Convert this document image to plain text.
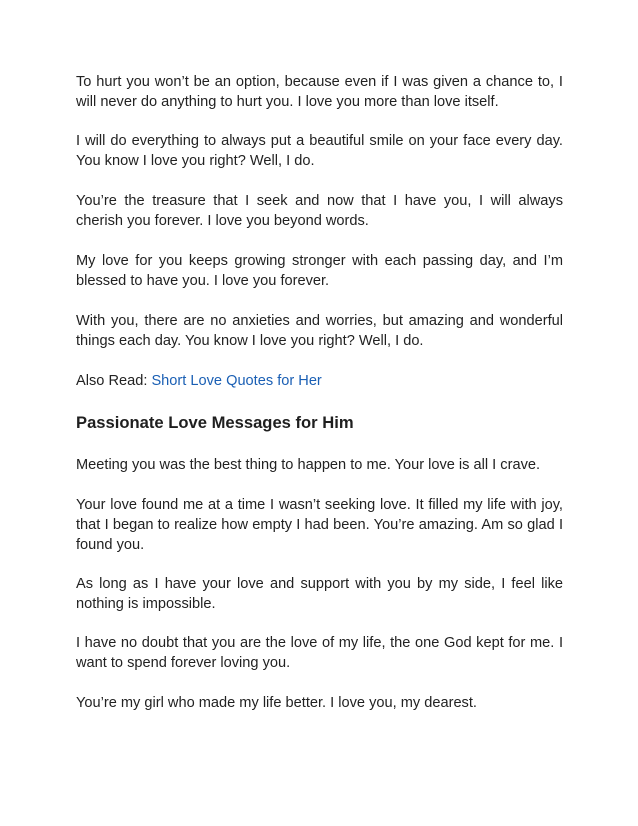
To hurt you won’t be an option, because even if I was given a chance to, I will never do anything to hurt you. I love you more than love itself.

I will do everything to always put a beautiful smile on your face every day. You know I love you right? Well, I do.

You’re the treasure that I seek and now that I have you, I will always cherish you forever. I love you beyond words.

My love for you keeps growing stronger with each passing day, and I’m blessed to have you. I love you forever.

With you, there are no anxieties and worries, but amazing and wonderful things each day. You know I love you right? Well, I do.

Also Read: Short Love Quotes for Her

Passionate Love Messages for Him

Meeting you was the best thing to happen to me. Your love is all I crave.

Your love found me at a time I wasn’t seeking love. It filled my life with joy, that I began to realize how empty I had been. You’re amazing. Am so glad I found you.

As long as I have your love and support with you by my side, I feel like nothing is impossible.

I have no doubt that you are the love of my life, the one God kept for me. I want to spend forever loving you.

You’re my girl who made my life better. I love you, my dearest.
